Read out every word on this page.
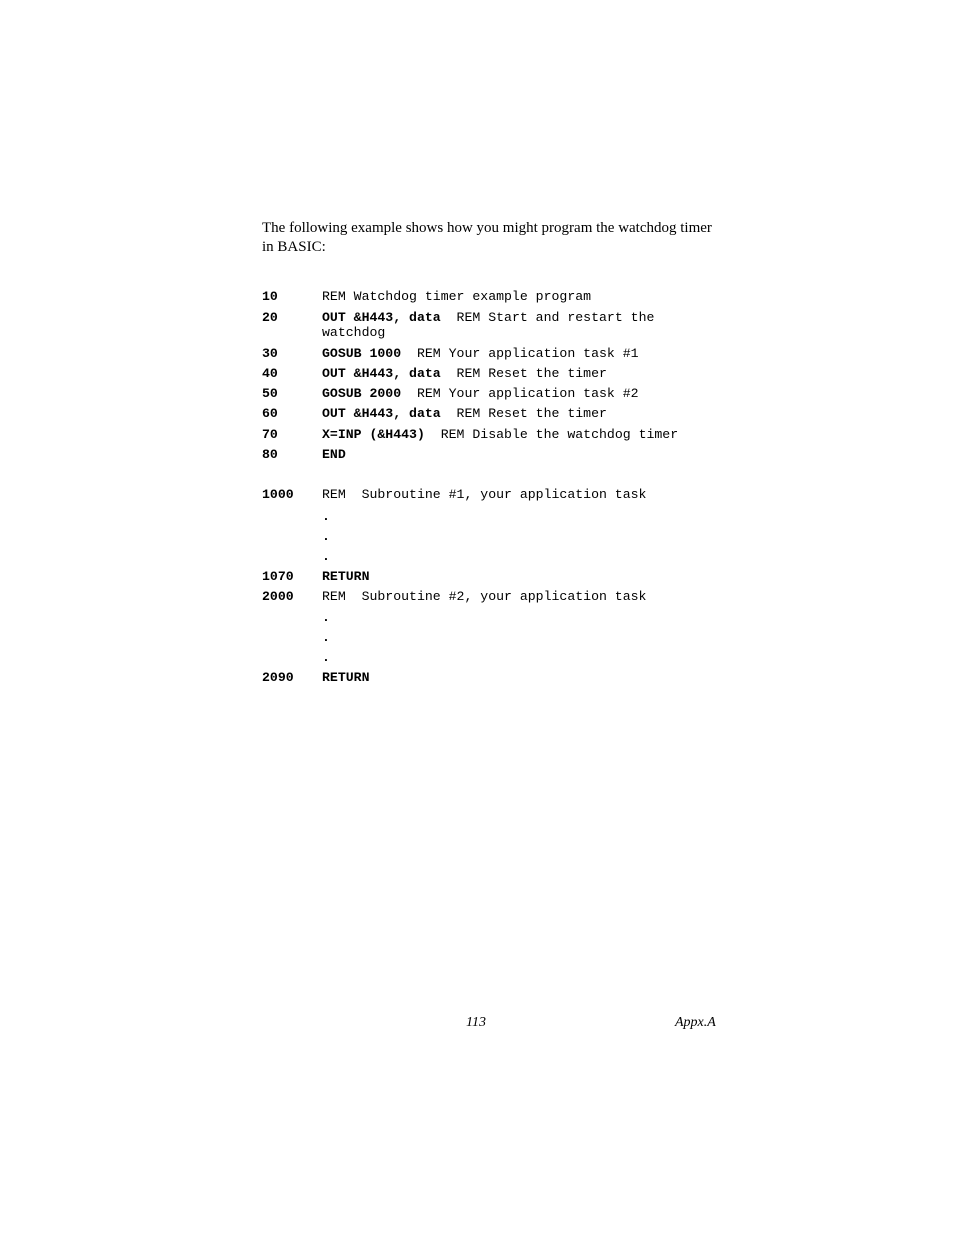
The following example shows how you might program the watchdog timer in BASIC:

10	REM Watchdog timer example program
20	OUT &H443, data  REM Start and restart the watchdog
30	GOSUB 1000  REM Your application task #1
40	OUT &H443, data  REM Reset the timer
50	GOSUB 2000  REM Your application task #2
60	OUT &H443, data  REM Reset the timer
70	X=INP (&H443)  REM Disable the watchdog timer
80	END
1000	REM  Subroutine #1, your application task
.
.
.
1070	RETURN
2000	REM  Subroutine #2, your application task
.
.
.
2090	RETURN
113	Appx.A
